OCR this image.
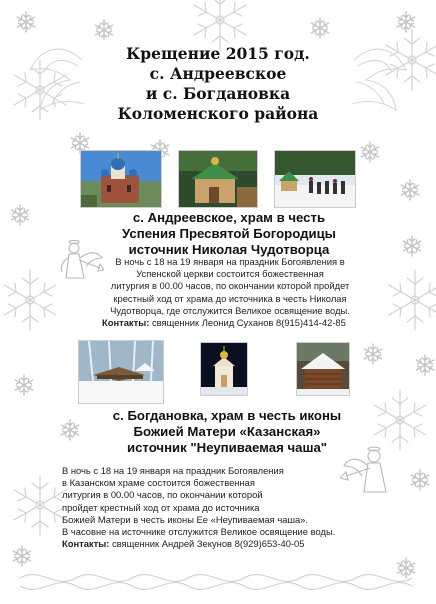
Крещение 2015 год.
с. Андреевское
и с. Богдановка
Коломенского района
с. Андреевское, храм в честь
Успения Пресвятой Богородицы
источник Николая Чудотворца
В ночь с 18 на 19 января на праздник Богоявления в
Успенской церкви состоится божественная
литургия в 00.00 часов, по окончании которой пройдет
крестный ход от храма до источника в честь Николая
Чудотворца, где отслужится Великое освящение воды.
Контакты: священник Леонид Суханов 8(915)414-42-85
с. Богдановка, храм в честь иконы
Божией Матери «Казанская»
источник "Неупиваемая чаша"
В ночь с 18 на 19 января на праздник Богоявления
в Казанском храме состоится божественная
литургия в 00.00 часов, по окончании которой
пройдет крестный ход от храма до источника
Божией Матери в честь иконы Ее «Неупиваемая чаша».
В часовне на источнике отслужится Великое освящение воды.
Контакты: священник Андрей Зекунов 8(929)653-40-05
